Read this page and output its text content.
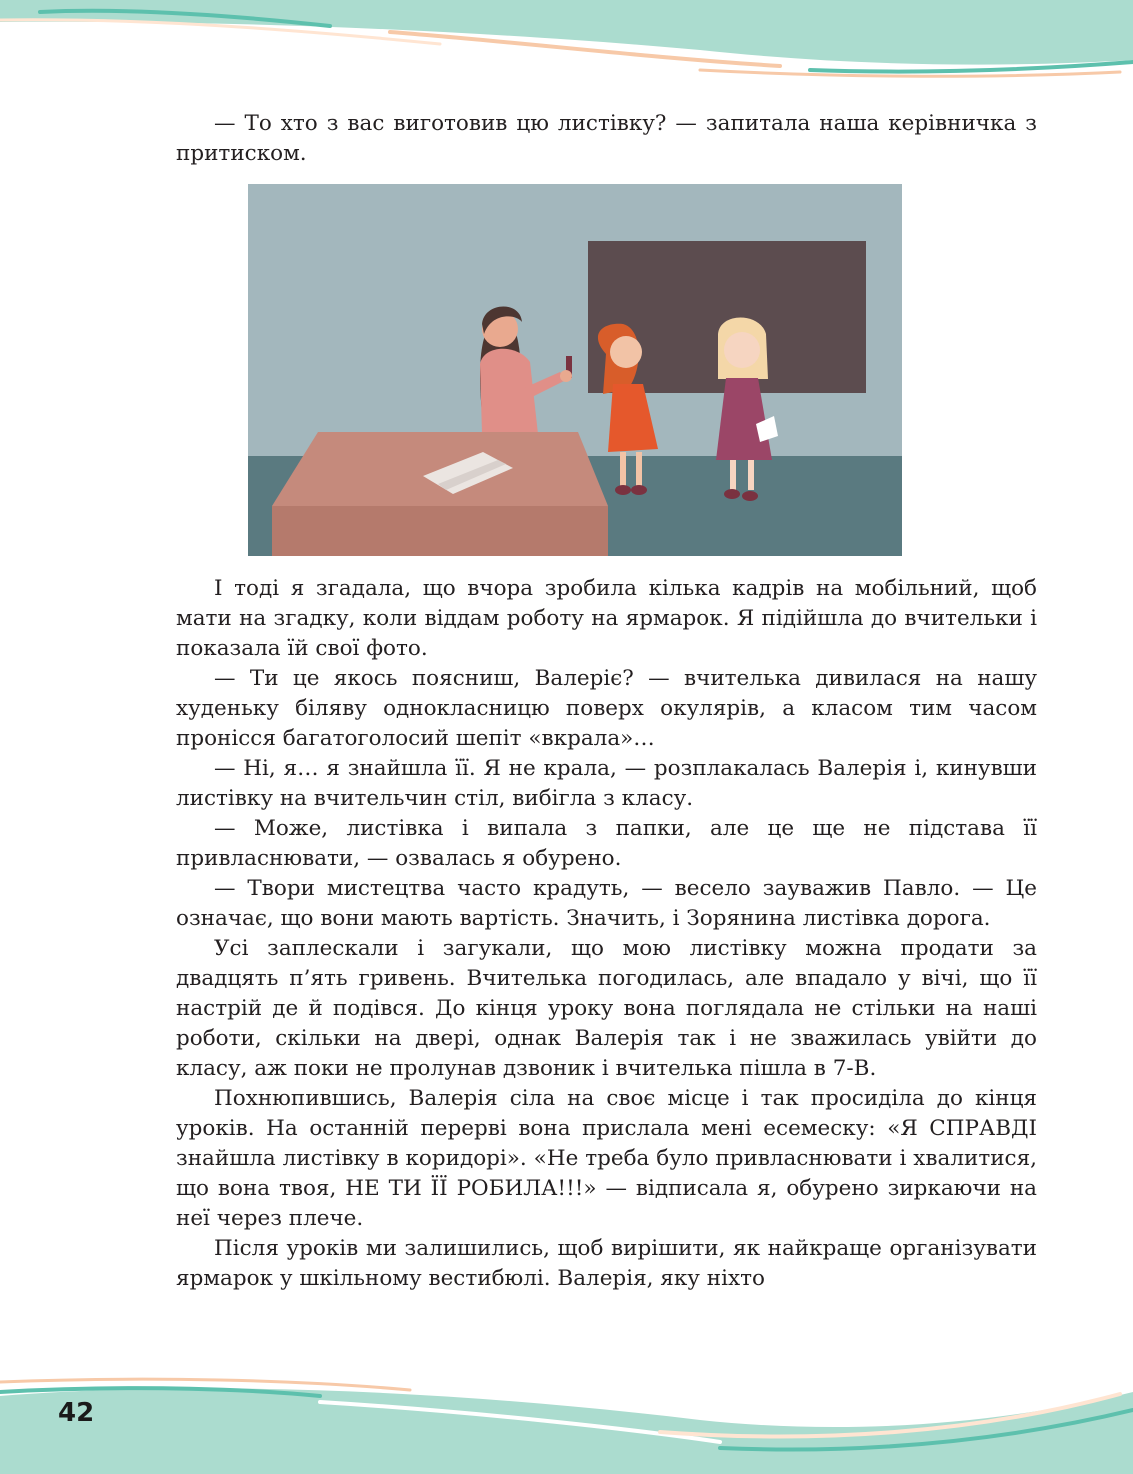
— То хто з вас виготовив цю листівку? — запитала наша керівничка з притиском.

І тоді я згадала, що вчора зробила кілька кадрів на мобільний, щоб мати на згадку, коли віддам роботу на ярмарок. Я підійшла до вчительки і показала їй свої фото.

— Ти це якось поясниш, Валеріє? — вчителька дивилася на нашу худеньку біляву однокласницю поверх окулярів, а класом тим часом пронісся багатоголосий шепіт «вкрала»…

— Ні, я… я знайшла її. Я не крала, — розплакалась Валерія і, кинувши листівку на вчительчин стіл, вибігла з класу.

— Може, листівка і випала з папки, але це ще не підстава її привласнювати, — озвалась я обурено.

— Твори мистецтва часто крадуть, — весело зауважив Павло. — Це означає, що вони мають вартість. Значить, і Зорянина листівка дорога.

Усі заплескали і загукали, що мою листівку можна продати за двадцять п’ять гривень. Вчителька погодилась, але впадало у вічі, що її настрій де й подівся. До кінця уроку вона поглядала не стільки на наші роботи, скільки на двері, однак Валерія так і не зважилась увійти до класу, аж поки не пролунав дзвоник і вчителька пішла в 7-В.

Похнюпившись, Валерія сіла на своє місце і так просиділа до кінця уроків. На останній перерві вона прислала мені есемеску: «Я СПРАВДІ знайшла листівку в коридорі». «Не треба було привласнювати і хвалитися, що вона твоя, НЕ ТИ ЇЇ РОБИЛА!!!» — відписала я, обурено зиркаючи на неї через плече.

Після уроків ми залишились, щоб вирішити, як найкраще організувати ярмарок у шкільному вестибюлі. Валерія, яку ніхто

42
